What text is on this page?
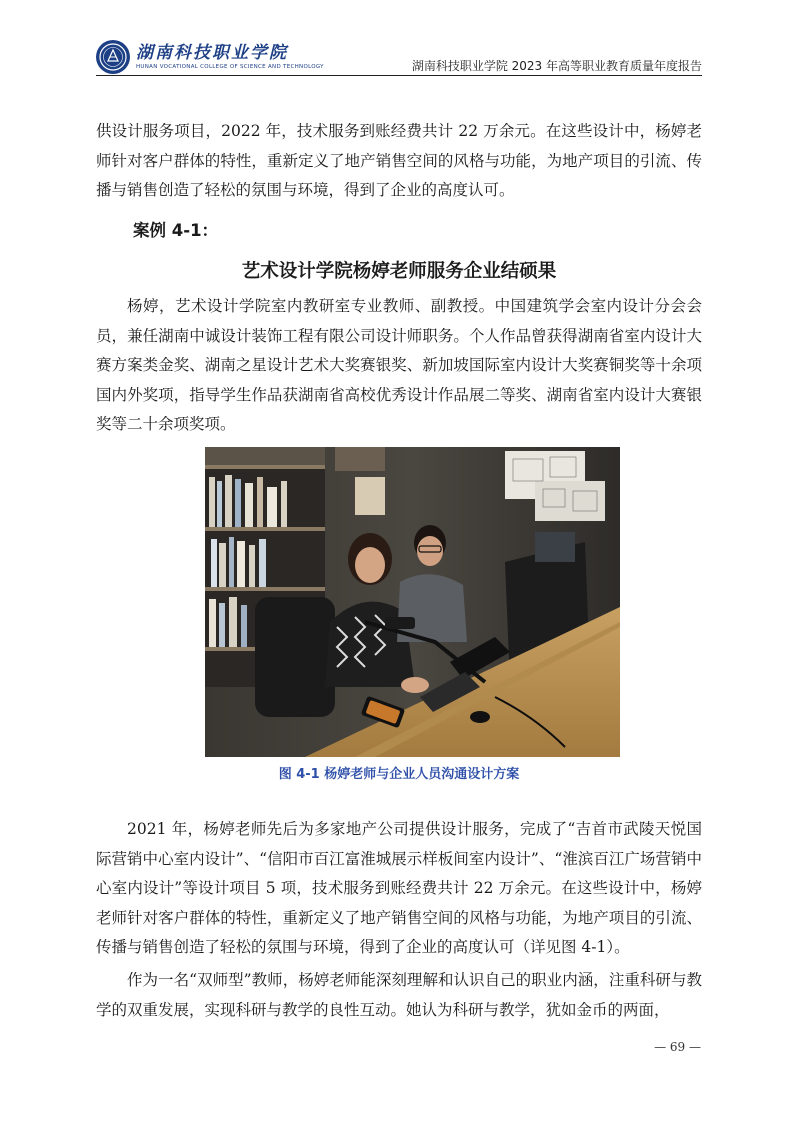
湖南科技职业学院
HUNAN VOCATIONAL COLLEGE OF SCIENCE AND TECHNOLOGY	湖南科技职业学院 2023 年高等职业教育质量年度报告

供设计服务项目，2022 年，技术服务到账经费共计 22 万余元。在这些设计中，杨婷老师针对客户群体的特性，重新定义了地产销售空间的风格与功能，为地产项目的引流、传播与销售创造了轻松的氛围与环境，得到了企业的高度认可。

案例 4-1：
艺术设计学院杨婷老师服务企业结硕果

杨婷，艺术设计学院室内教研室专业教师、副教授。中国建筑学会室内设计分会会员，兼任湖南中诚设计装饰工程有限公司设计师职务。个人作品曾获得湖南省室内设计大赛方案类金奖、湖南之星设计艺术大奖赛银奖、新加坡国际室内设计大奖赛铜奖等十余项国内外奖项，指导学生作品获湖南省高校优秀设计作品展二等奖、湖南省室内设计大赛银奖等二十余项奖项。

图 4-1 杨婷老师与企业人员沟通设计方案

2021 年，杨婷老师先后为多家地产公司提供设计服务，完成了“吉首市武陵天悦国际营销中心室内设计”、“信阳市百江富淮城展示样板间室内设计”、“淮滨百江广场营销中心室内设计”等设计项目 5 项，技术服务到账经费共计 22 万余元。在这些设计中，杨婷老师针对客户群体的特性，重新定义了地产销售空间的风格与功能，为地产项目的引流、传播与销售创造了轻松的氛围与环境，得到了企业的高度认可（详见图 4-1）。

作为一名“双师型”教师，杨婷老师能深刻理解和认识自己的职业内涵，注重科研与教学的双重发展，实现科研与教学的良性互动。她认为科研与教学，犹如金币的两面，

— 69 —
